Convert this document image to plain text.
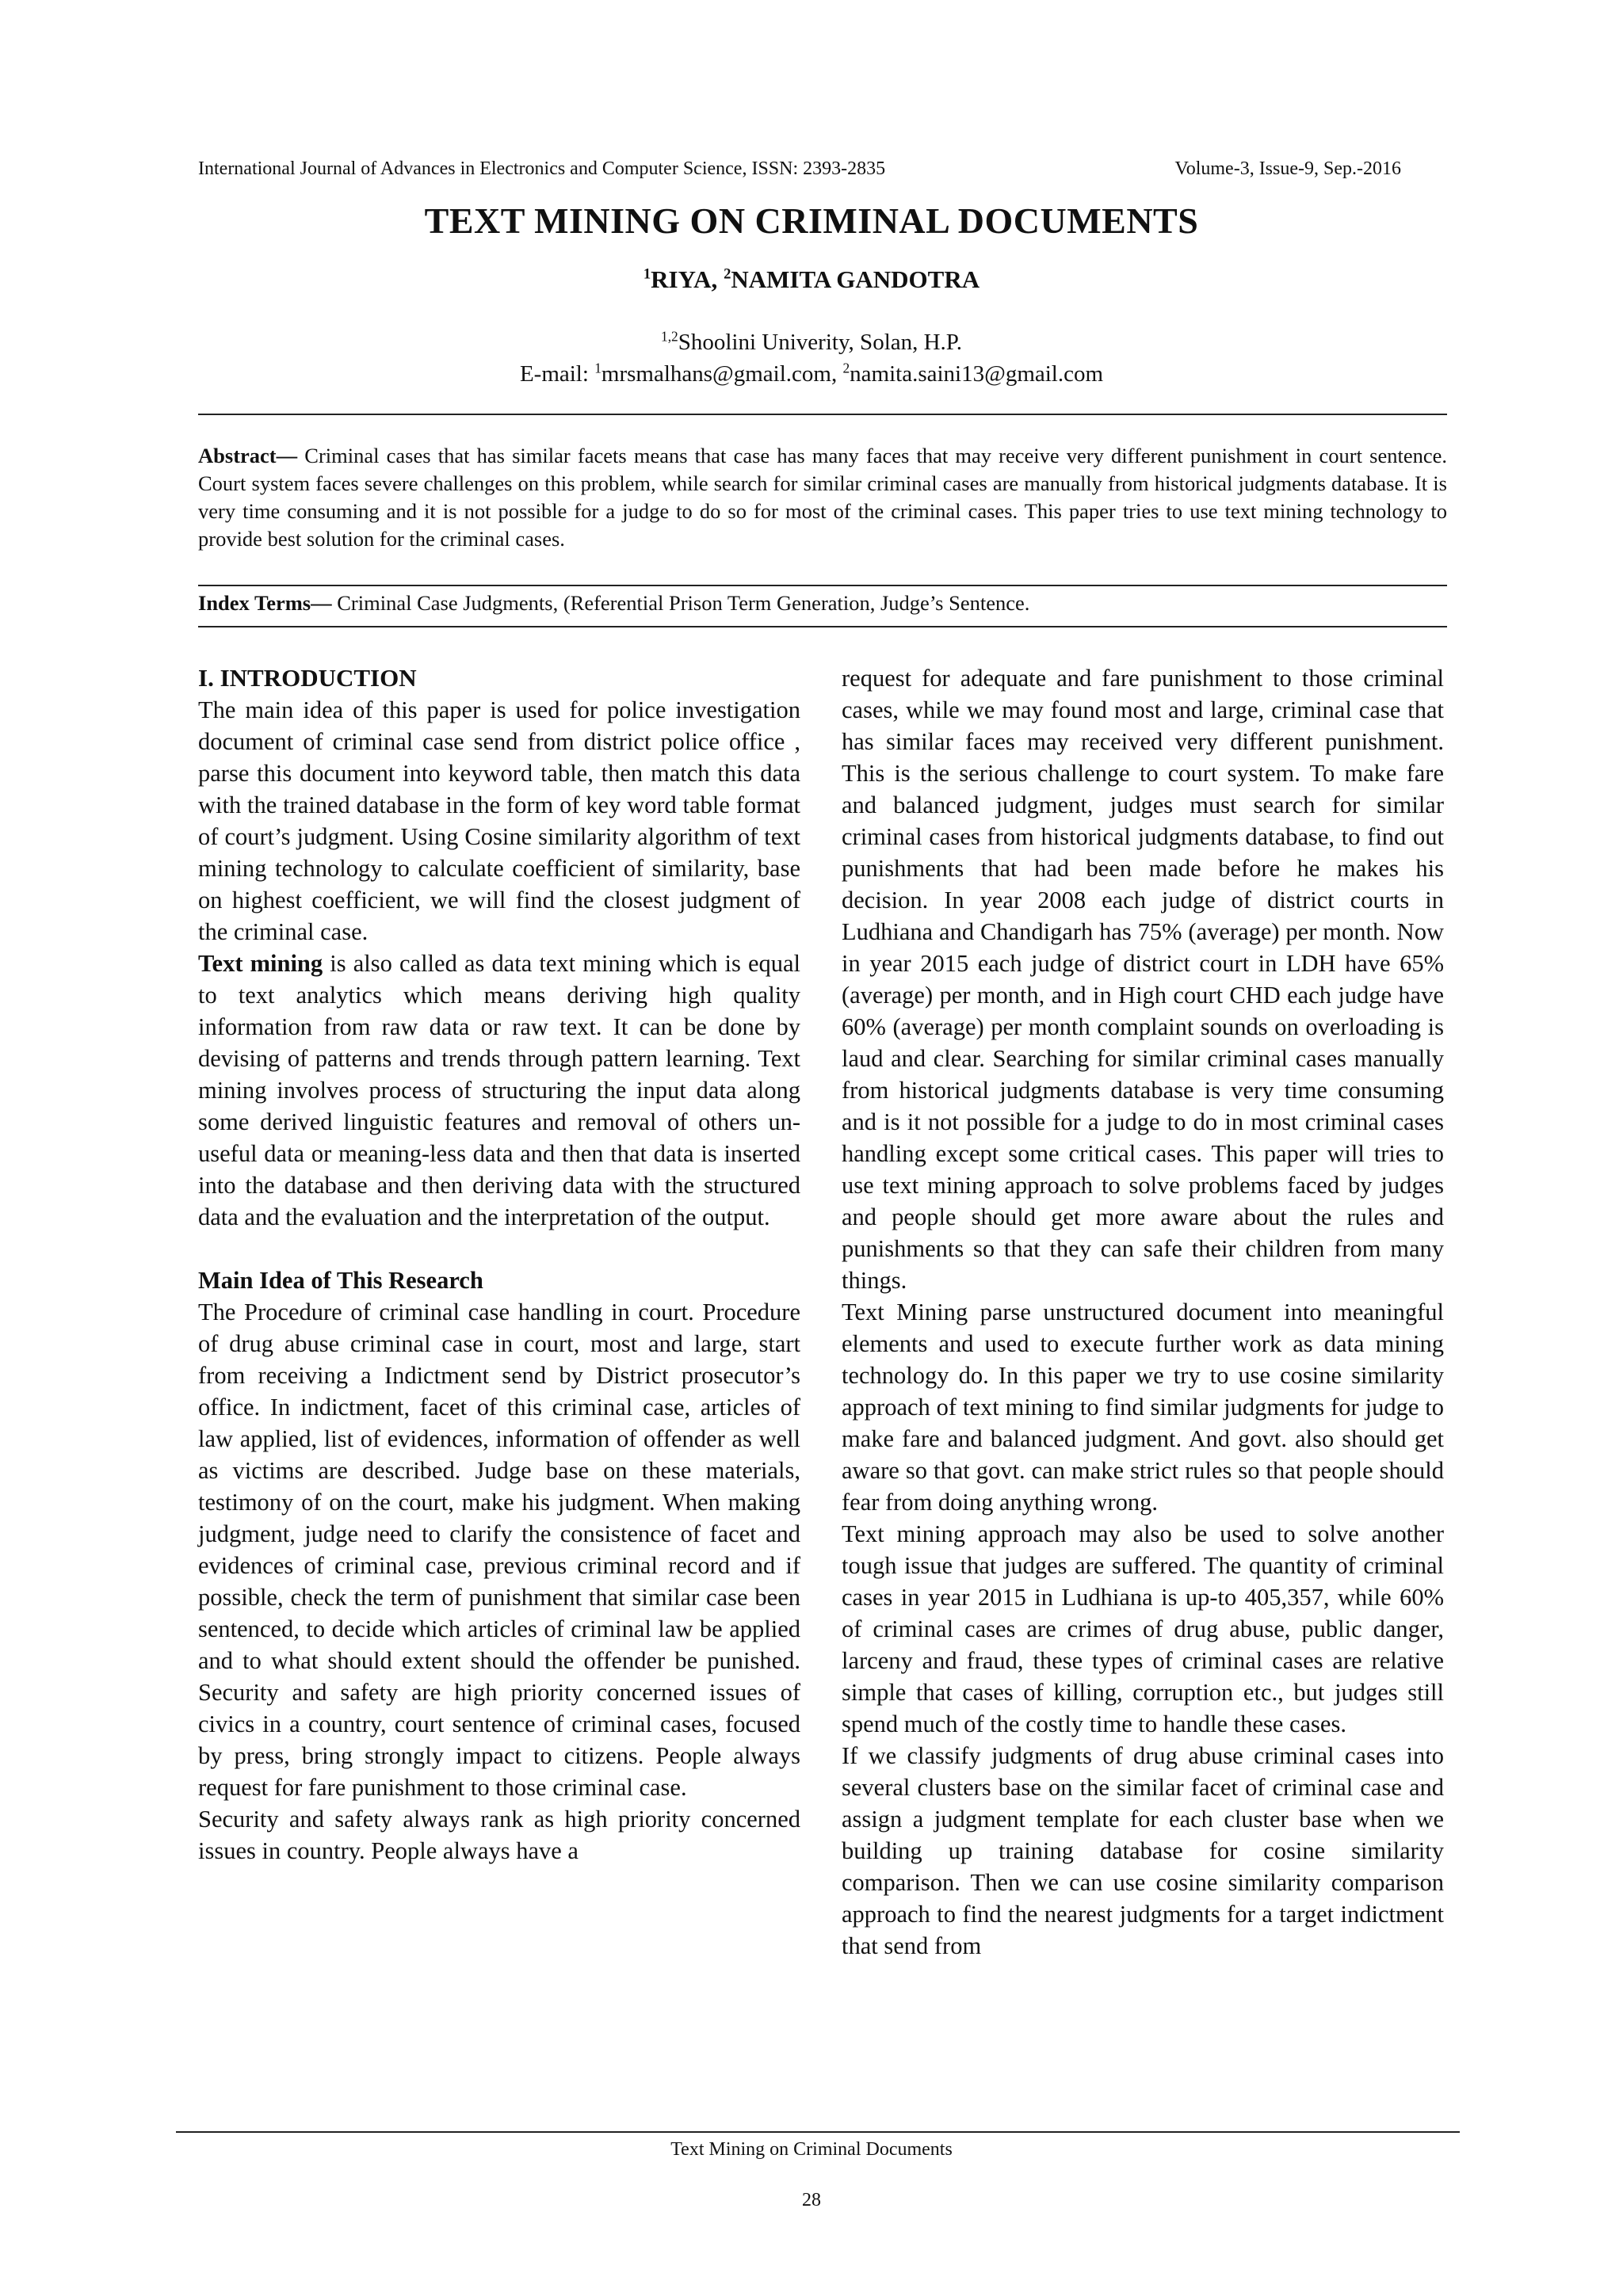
International Journal of Advances in Electronics and Computer Science, ISSN: 2393-2835	Volume-3, Issue-9, Sep.-2016
TEXT MINING ON CRIMINAL DOCUMENTS
$^1$RIYA, $^2$NAMITA GANDOTRA
$^{1,2}$Shoolini Univerity, Solan, H.P.
E-mail: $^1$mrsmalhans@gmail.com, $^2$namita.saini13@gmail.com
Abstract— Criminal cases that has similar facets means that case has many faces that may receive very different punishment in court sentence. Court system faces severe challenges on this problem, while search for similar criminal cases are manually from historical judgments database. It is very time consuming and it is not possible for a judge to do so for most of the criminal cases. This paper tries to use text mining technology to provide best solution for the criminal cases.
Index Terms— Criminal Case Judgments, (Referential Prison Term Generation, Judge’s Sentence.

I. INTRODUCTION

The main idea of this paper is used for police investigation document of criminal case send from district police office , parse this document into keyword table, then match this data with the trained database in the form of key word table format of court’s judgment. Using Cosine similarity algorithm of text mining technology to calculate coefficient of similarity, base on highest coefficient, we will find the closest judgment of the criminal case.

Text mining is also called as data text mining which is equal to text analytics which means deriving high quality information from raw data or raw text. It can be done by devising of patterns and trends through pattern learning. Text mining involves process of structuring the input data along some derived linguistic features and removal of others un-useful data or meaning-less data and then that data is inserted into the database and then deriving data with the structured data and the evaluation and the interpretation of the output.

Main Idea of This Research

The Procedure of criminal case handling in court. Procedure of drug abuse criminal case in court, most and large, start from receiving a Indictment send by District prosecutor’s office. In indictment, facet of this criminal case, articles of law applied, list of evidences, information of offender as well as victims are described. Judge base on these materials, testimony of on the court, make his judgment. When making judgment, judge need to clarify the consistence of facet and evidences of criminal case, previous criminal record and if possible, check the term of punishment that similar case been sentenced, to decide which articles of criminal law be applied and to what should extent should the offender be punished. Security and safety are high priority concerned issues of civics in a country, court sentence of criminal cases, focused by press, bring strongly impact to citizens. People always request for fare punishment to those criminal case.

Security and safety always rank as high priority concerned issues in country. People always have a

request for adequate and fare punishment to those criminal cases, while we may found most and large, criminal case that has similar faces may received very different punishment. This is the serious challenge to court system. To make fare and balanced judgment, judges must search for similar criminal cases from historical judgments database, to find out punishments that had been made before he makes his decision. In year 2008 each judge of district courts in Ludhiana and Chandigarh has 75% (average) per month. Now in year 2015 each judge of district court in LDH have 65% (average) per month, and in High court CHD each judge have 60% (average) per month complaint sounds on overloading is laud and clear. Searching for similar criminal cases manually from historical judgments database is very time consuming and is it not possible for a judge to do in most criminal cases handling except some critical cases. This paper will tries to use text mining approach to solve problems faced by judges and people should get more aware about the rules and punishments so that they can safe their children from many things.

Text Mining parse unstructured document into meaningful elements and used to execute further work as data mining technology do. In this paper we try to use cosine similarity approach of text mining to find similar judgments for judge to make fare and balanced judgment. And govt. also should get aware so that govt. can make strict rules so that people should fear from doing anything wrong.

Text mining approach may also be used to solve another tough issue that judges are suffered. The quantity of criminal cases in year 2015 in Ludhiana is up-to 405,357, while 60% of criminal cases are crimes of drug abuse, public danger, larceny and fraud, these types of criminal cases are relative simple that cases of killing, corruption etc., but judges still spend much of the costly time to handle these cases.

If we classify judgments of drug abuse criminal cases into several clusters base on the similar facet of criminal case and assign a judgment template for each cluster base when we building up training database for cosine similarity comparison. Then we can use cosine similarity comparison approach to find the nearest judgments for a target indictment that send from

Text Mining on Criminal Documents
28
